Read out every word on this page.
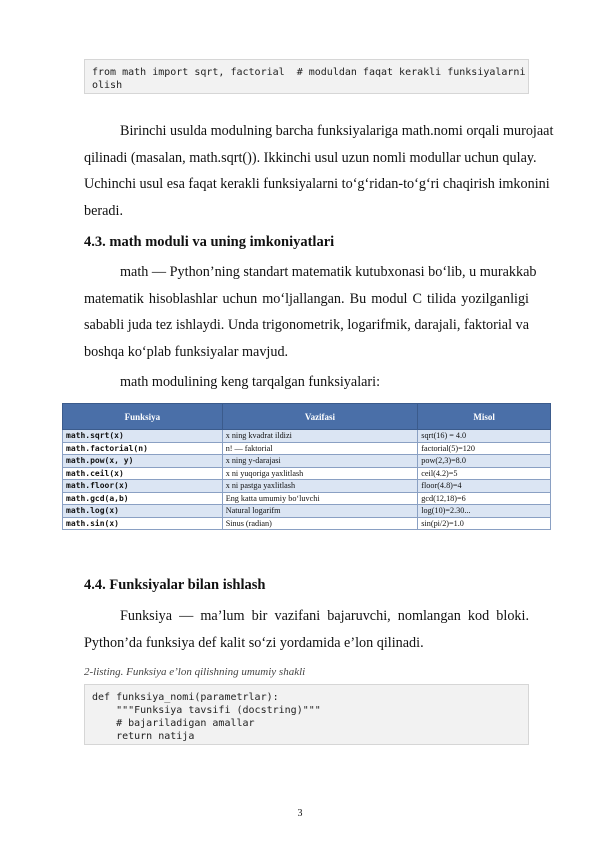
from math import sqrt, factorial  # moduldan faqat kerakli funksiyalarni
olish
Birinchi usulda modulning barcha funksiyalariga math.nomi orqali murojaat
qilinadi (masalan, math.sqrt()). Ikkinchi usul uzun nomli modullar uchun qulay.
Uchinchi usul esa faqat kerakli funksiyalarni to‘g‘ridan-to‘g‘ri chaqirish imkonini
beradi.
4.3. math moduli va uning imkoniyatlari
math — Python’ning standart matematik kutubxonasi bo‘lib, u murakkab
matematik hisoblashlar uchun mo‘ljallangan. Bu modul C tilida yozilganligi
sababli juda tez ishlaydi. Unda trigonometrik, logarifmik, darajali, faktorial va
boshqa ko‘plab funksiyalar mavjud.
math modulining keng tarqalgan funksiyalari:
Funksiya	Vazifasi	Misol
math.sqrt(x)	x ning kvadrat ildizi	sqrt(16) = 4.0
math.factorial(n)	n! — faktorial	factorial(5)=120
math.pow(x, y)	x ning y-darajasi	pow(2,3)=8.0
math.ceil(x)	x ni yuqoriga yaxlitlash	ceil(4.2)=5
math.floor(x)	x ni pastga yaxlitlash	floor(4.8)=4
math.gcd(a,b)	Eng katta umumiy bo‘luvchi	gcd(12,18)=6
math.log(x)	Natural logarifm	log(10)=2.30...
math.sin(x)	Sinus (radian)	sin(pi/2)=1.0
4.4. Funksiyalar bilan ishlash
Funksiya — ma’lum bir vazifani bajaruvchi, nomlangan kod bloki.
Python’da funksiya def kalit so‘zi yordamida e’lon qilinadi.
2-listing. Funksiya e’lon qilishning umumiy shakli
def funksiya_nomi(parametrlar):
"""Funksiya tavsifi (docstring)"""
# bajariladigan amallar
return natija
3
